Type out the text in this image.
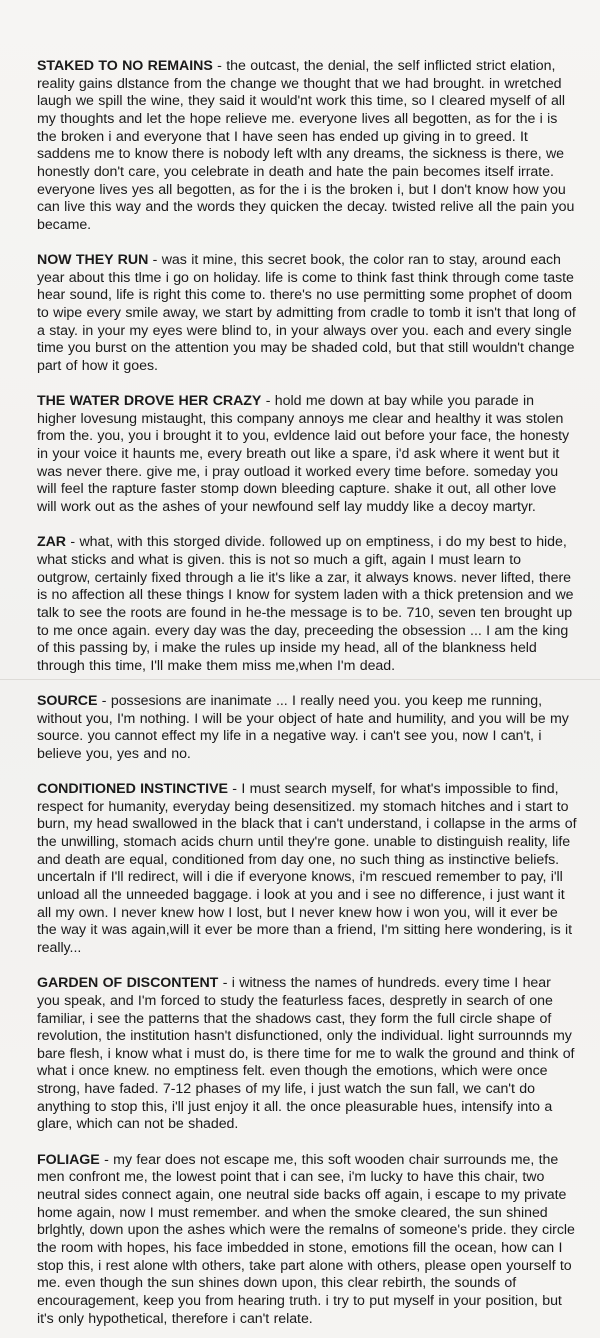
STAKED TO NO REMAINS - the outcast, the denial, the self inflicted strict elation, reality gains dlstance from the change we thought that we had brought. in wretched laugh we spill the wine, they said it would'nt work this time, so I cleared myself of all my thoughts and let the hope relieve me. everyone lives all begotten, as for the i is the broken i and everyone that I have seen has ended up giving in to greed. It saddens me to know there is nobody left wlth any dreams, the sickness is there, we honestly don't care, you celebrate in death and hate the pain becomes itself irrate. everyone lives yes all begotten, as for the i is the broken i, but I don't know how you can live this way and the words they quicken the decay. twisted relive all the pain you became.

NOW THEY RUN - was it mine, this secret book, the color ran to stay, around each year about this tlme i go on holiday. life is come to think fast think through come taste hear sound, life is right this come to. there's no use permitting some prophet of doom to wipe every smile away, we start by admitting from cradle to tomb it isn't that long of a stay. in your my eyes were blind to, in your always over you. each and every single time you burst on the attention you may be shaded cold, but that still wouldn't change part of how it goes.

THE WATER DROVE HER CRAZY - hold me down at bay while you parade in higher lovesung mistaught, this company annoys me clear and healthy it was stolen from the. you, you i brought it to you, evldence laid out before your face, the honesty in your voice it haunts me, every breath out like a spare, i'd ask where it went but it was never there. give me, i pray outload it worked every time before. someday you will feel the rapture faster stomp down bleeding capture. shake it out, all other love will work out as the ashes of your newfound self lay muddy like a decoy martyr.

ZAR - what, with this storged divide. followed up on emptiness, i do my best to hide, what sticks and what is given. this is not so much a gift, again I must learn to outgrow, certainly fixed through a lie it's like a zar, it always knows. never lifted, there is no affection all these things I know for system laden with a thick pretension and we talk to see the roots are found in he-the message is to be. 710, seven ten brought up to me once again. every day was the day, preceeding the obsession ... I am the king of this passing by, i make the rules up inside my head, all of the blankness held through this time, I'll make them miss me,when I'm dead.

SOURCE - possesions are inanimate ... I really need you. you keep me running, without you, I'm nothing. I will be your object of hate and humility, and you will be my source. you cannot effect my life in a negative way. i can't see you, now I can't, i believe you, yes and no.

CONDITIONED INSTINCTIVE - I must search myself, for what's impossible to find, respect for humanity, everyday being desensitized. my stomach hitches and i start to burn, my head swallowed in the black that i can't understand, i collapse in the arms of the unwilling, stomach acids churn until they're gone. unable to distinguish reality, life and death are equal, conditioned from day one, no such thing as instinctive beliefs. uncertaln if I'll redirect, will i die if everyone knows, i'm rescued remember to pay, i'll unload all the unneeded baggage. i look at you and i see no difference, i just want it all my own. I never knew how I lost, but I never knew how i won you, will it ever be the way it was again,will it ever be more than a friend, I'm sitting here wondering, is it really...

GARDEN OF DISCONTENT - i witness the names of hundreds. every time I hear you speak, and I'm forced to study the featurless faces, despretly in search of one familiar, i see the patterns that the shadows cast, they form the full circle shape of revolution, the institution hasn't disfunctioned, only the individual. light surrounnds my bare flesh, i know what i must do, is there time for me to walk the ground and think of what i once knew. no emptiness felt. even though the emotions, which were once strong, have faded. 7-12 phases of my life, i just watch the sun fall, we can't do anything to stop this, i'll just enjoy it all. the once pleasurable hues, intensify into a glare, which can not be shaded.

FOLIAGE - my fear does not escape me, this soft wooden chair surrounds me, the men confront me, the lowest point that i can see, i'm lucky to have this chair, two neutral sides connect again, one neutral side backs off again, i escape to my private home again, now I must remember. and when the smoke cleared, the sun shined brlghtly, down upon the ashes which were the remalns of someone's pride. they circle the room with hopes, his face imbedded in stone, emotions fill the ocean, how can I stop this, i rest alone wlth others, take part alone with others, please open yourself to me. even though the sun shines down upon, this clear rebirth, the sounds of encouragement, keep you from hearing truth. i try to put myself in your position, but it's only hypothetical, therefore i can't relate.
